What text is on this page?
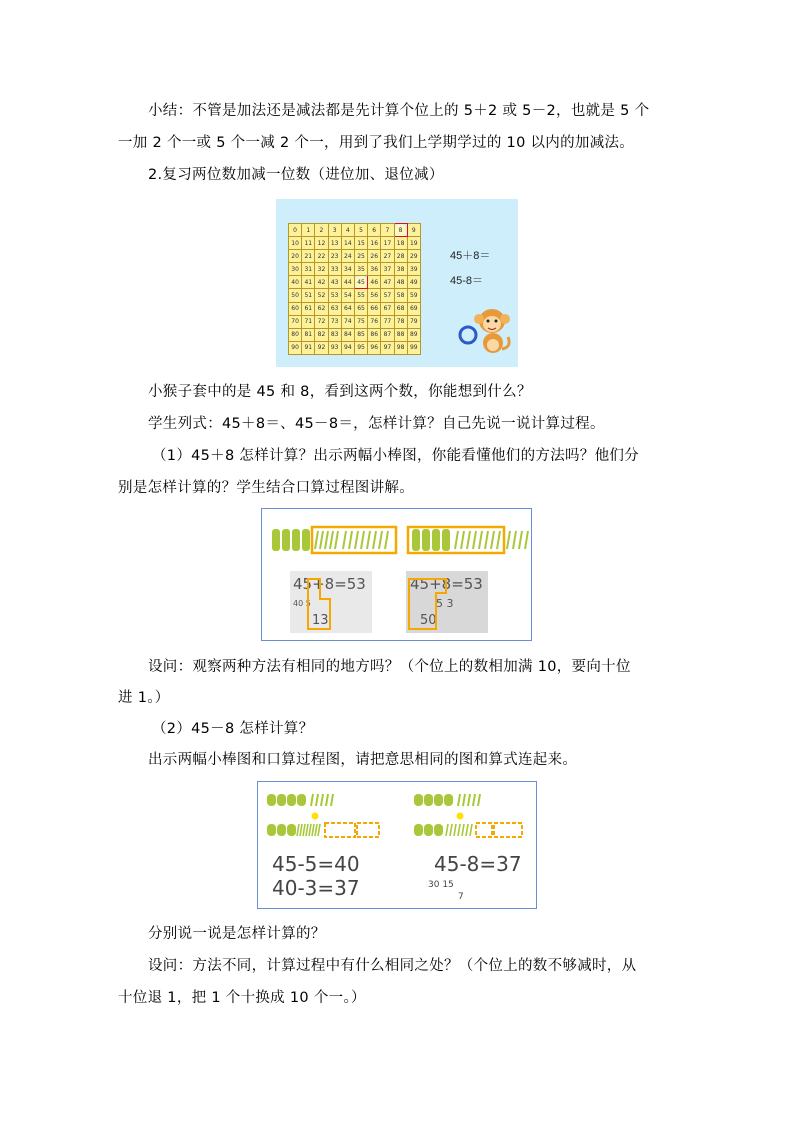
小结：不管是加法还是减法都是先计算个位上的 5＋2 或 5－2，也就是 5 个
一加 2 个一或 5 个一减 2 个一，用到了我们上学期学过的 10 以内的加减法。
2.复习两位数加减一位数（进位加、退位减）
0	1	2	3	4	5	6	7	8	9
10	11	12	13	14	15	16	17	18	19
20	21	22	23	24	25	26	27	28	29
30	31	32	33	34	35	36	37	38	39
40	41	42	43	44	45	46	47	48	49
50	51	52	53	54	55	56	57	58	59
60	61	62	63	64	65	66	67	68	69
70	71	72	73	74	75	76	77	78	79
80	81	82	83	84	85	86	87	88	89
90	91	92	93	94	95	96	97	98	99
45＋8＝
45-8＝
小猴子套中的是 45 和 8，看到这两个数，你能想到什么？
学生列式：45＋8＝、45－8＝，怎样计算？自己先说一说计算过程。
（1）45＋8 怎样计算？出示两幅小棒图，你能看懂他们的方法吗？他们分
别是怎样计算的？学生结合口算过程图讲解。
45+8=53
40 5
13
45+8=53
5 3
50
设问：观察两种方法有相同的地方吗？（个位上的数相加满 10，要向十位
进 1。）
（2）45－8 怎样计算？
出示两幅小棒图和口算过程图，请把意思相同的图和算式连起来。
45-5=40
40-3=37
45-8=37
30 15
7
分别说一说是怎样计算的？
设问：方法不同，计算过程中有什么相同之处？（个位上的数不够减时，从
十位退 1，把 1 个十换成 10 个一。）
